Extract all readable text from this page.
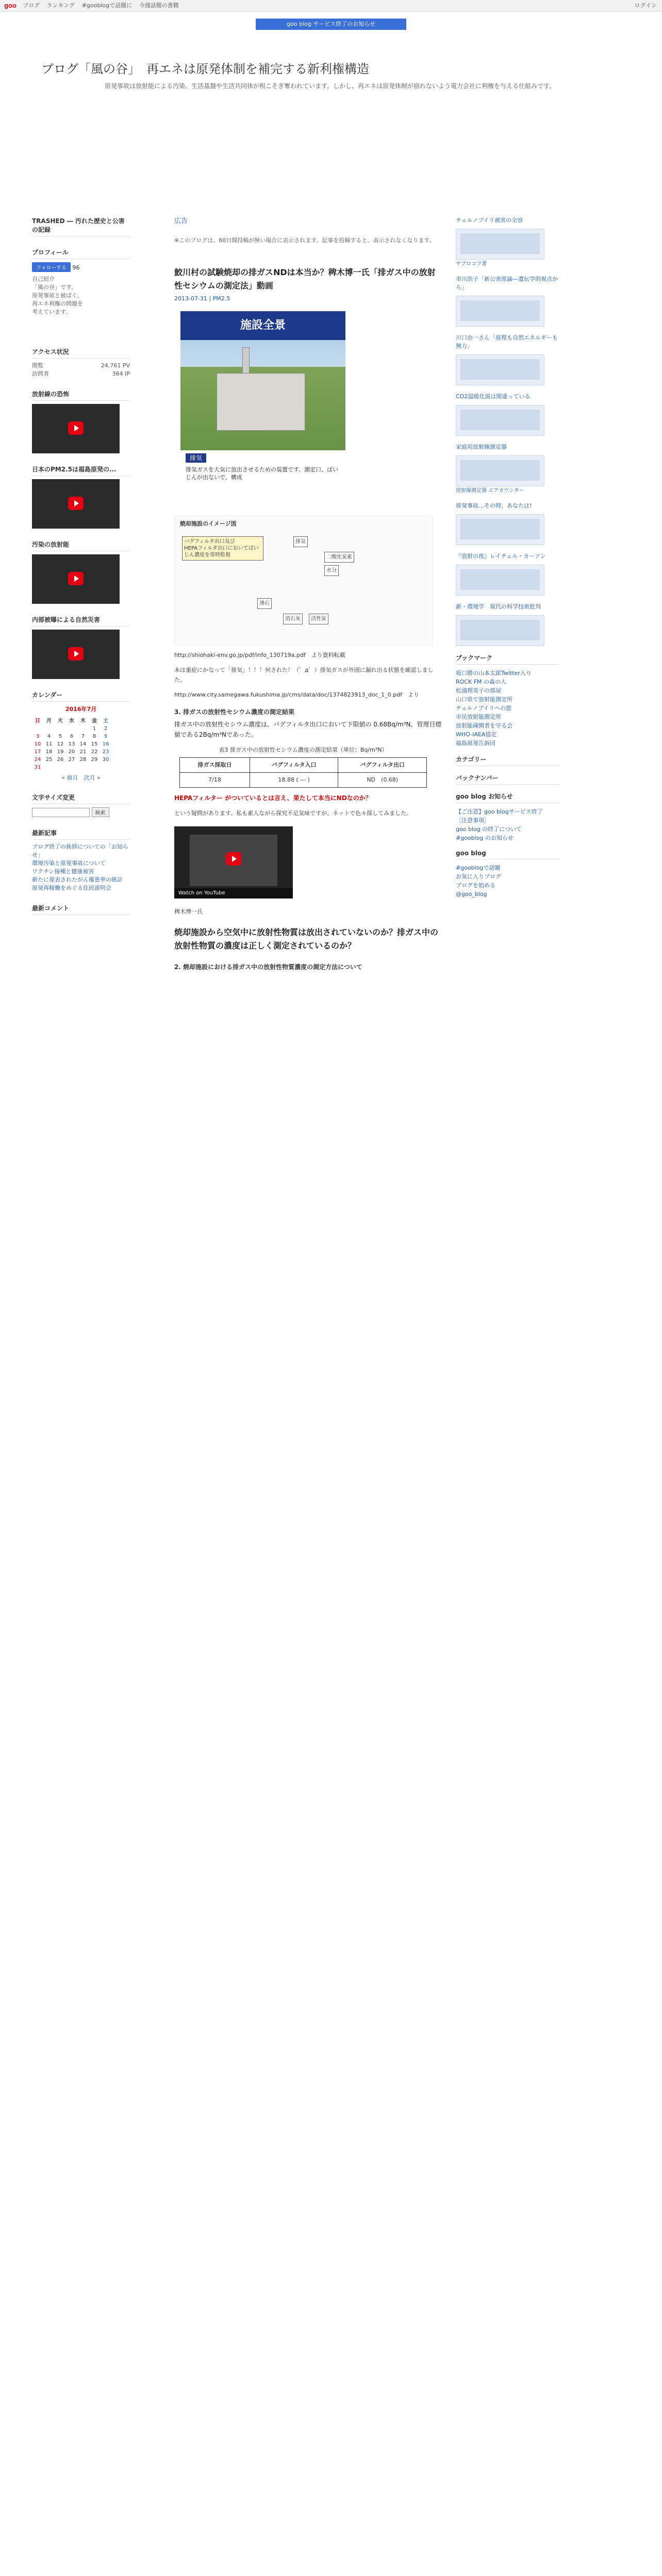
goo ブログ ランキング #gooblogで話題に 今週話題の書籍	ログイン
goo blog サービス終了のお知らせ
ブログ「風の谷」　再エネは原発体制を補完する新利権構造
原発事故は放射能による汚染、生活基盤や生活共同体が根こそぎ奪われています。しかし、再エネは原発体制が崩れないよう電力会社に利権を与える仕組みです。
TRASHED ― 汚れた歴史と公害の記録
プロフィール
フォローする 96
自己紹介
「風の谷」です。
原発事故と被ばく、
再エネ利権の問題を
考えています。
アクセス状況
閲覧	24,761 PV
訪問者	364 IP
放射線の恐怖
日本のPM2.5は福島原発の...
汚染の放射能
内部被曝による自然災害
カレンダー
2016年7月
日	月	火	水	木	金	土
					1	2
3	4	5	6	7	8	9
10	11	12	13	14	15	16
17	18	19	20	21	22	23
24	25	26	27	28	29	30
31						
« 前月　次月 »
文字サイズ変更
検索
最新記事
ブログ終了の挨拶についての「お知らせ」
環境汚染と原発事故について
ワクチン接種と健康被害
新たに発表されたがん罹患率の統計
原発再稼働をめぐる住民説明会
最新コメント
広告
※このブログは、60日間投稿が無い場合に表示されます。記事を投稿すると、表示されなくなります。
鮫川村の試験焼却の排ガスNDは本当か？稗木博一氏「排ガス中の放射性セシウムの測定法」動画
2013-07-31 | PM2.5
施設全景
排気
排気ガスを大気に放出させるための装置です。測定口、ばいじんが出ないで、構成
焼却施設のイメージ図
バグフィルタ出口及び
HEPAフィルタ出口においてばいじん濃度を常時監視
排気
二酸化炭素
水分
沸石
消石灰	活性炭
http://shiohaki-env.go.jp/pdf/info_130719a.pdf　より資料転載
本は重症にかなって「排気」！！！何された！（゜д゜）排気ガスが外国に漏れ出る状態を確認しました。
http://www.city.samegawa.fukushima.jp/cms/data/doc/1374823913_doc_1_0.pdf　より
3. 排ガスの放射性セシウム濃度の測定結果
排ガス中の放射性セシウム濃度は、バグフィルタ出口において下限値の 0.68Bq/m³N、管理目標値である2Bq/m³Nであった。
表3 排ガス中の放射性セシウム濃度の測定結果（単位：Bq/m³N）
排ガス採取日	バグフィルタ入口	バグフィルタ出口
7/18	18.88 ( ― )	ND　(0.68)
HEPAフィルター がついているとは言え、果たして本当にNDなのか？
という疑問があります。私も素人ながら探究不足気味ですが、ネットで色々探してみました。
Watch on YouTube
稗木博一氏
焼却施設から空気中に放射性物質は放出されていないのか？排ガス中の放射性物質の濃度は正しく測定されているのか？
2. 焼却施設における排ガス中の放射性物質濃度の測定方法について
チェルノブイリ被害の全容
ヤブロコフ著
市川浩子「新公害原論―遺伝学的視点から」
川口由一さん「原理も自然エネルギーも無力」
CO2温暖化説は間違っている
家庭用放射線測定器
放射線測定器 エアカウンター
原発事故…その時、あなたは!
『放射の夜』レイチェル・カーソン
新・環境学　現代の科学技術批判
ブックマーク
坂口勝の山本太郎Twitter入り
ROCK FM の森の人
松浦理英子の部屋
山口県で放射能測定所
チェルノブイリへの旅
市民放射能測定所
放射能疎開者を守る会
WHO-IAEA協定
福島原発告訴団
カテゴリー
バックナンバー
goo blog お知らせ
【ご注意】goo blogサービス終了
［注意事項］
goo blog の終了について
#gooblog のお知らせ
goo blog
#gooblogで話題
お気に入りブログ
ブログを始める
@goo_blog
